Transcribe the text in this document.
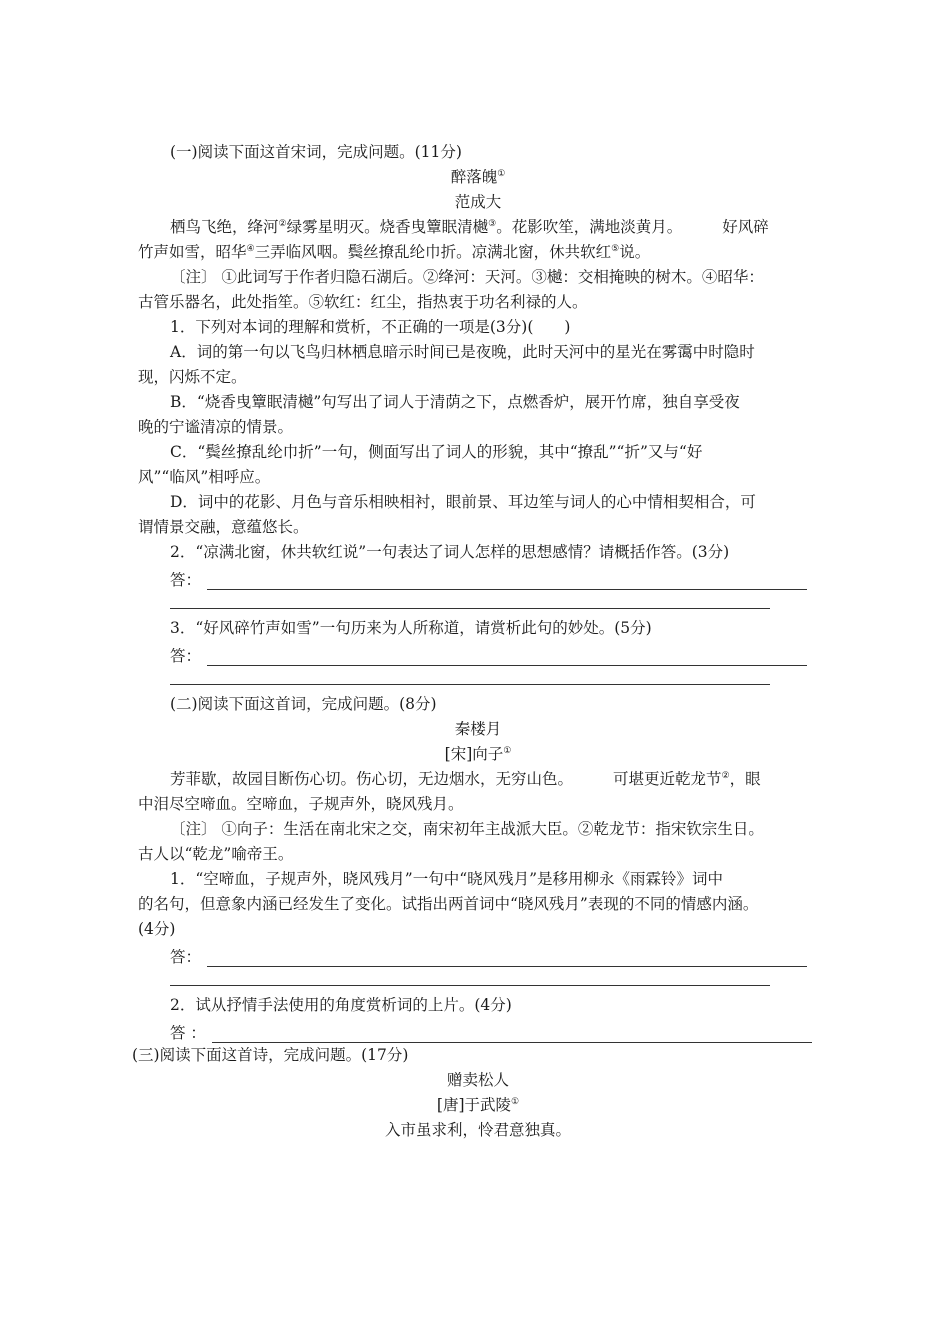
(一)阅读下面这首宋词，完成问题。(11分)

醉落魄①

范成大

栖鸟飞绝，绛河②绿雾星明灭。烧香曳簟眠清樾③。花影吹笙，满地淡黄月。	好风碎

竹声如雪，昭华④三弄临风咽。鬓丝撩乱纶巾折。凉满北窗，休共软红⑤说。

〔注〕 ①此词写于作者归隐石湖后。②绛河：天河。③樾：交相掩映的树木。④昭华：

古管乐器名，此处指笙。⑤软红：红尘，指热衷于功名利禄的人。

1．下列对本词的理解和赏析，不正确的一项是(3分)(　　)

A．词的第一句以飞鸟归林栖息暗示时间已是夜晚，此时天河中的星光在雾霭中时隐时

现，闪烁不定。

B．“烧香曳簟眠清樾”句写出了词人于清荫之下，点燃香炉，展开竹席，独自享受夜

晚的宁谧清凉的情景。

C．“鬓丝撩乱纶巾折”一句，侧面写出了词人的形貌，其中“撩乱”“折”又与“好

风”“临风”相呼应。

D．词中的花影、月色与音乐相映相衬，眼前景、耳边笙与词人的心中情相契相合，可

谓情景交融，意蕴悠长。

2．“凉满北窗，休共软红说”一句表达了词人怎样的思想感情？请概括作答。(3分)

答：

3．“好风碎竹声如雪”一句历来为人所称道，请赏析此句的妙处。(5分)

答：

(二)阅读下面这首词，完成问题。(8分)

秦楼月

[宋]向子①

芳菲歇，故园目断伤心切。伤心切，无边烟水，无穷山色。	可堪更近乾龙节②，眼

中泪尽空啼血。空啼血，子规声外，晓风残月。

〔注〕 ①向子：生活在南北宋之交，南宋初年主战派大臣。②乾龙节：指宋钦宗生日。

古人以“乾龙”喻帝王。

1．“空啼血，子规声外，晓风残月”一句中“晓风残月”是移用柳永《雨霖铃》词中

的名句，但意象内涵已经发生了变化。试指出两首词中“晓风残月”表现的不同的情感内涵。

(4分)

答：

2．试从抒情手法使用的角度赏析词的上片。(4分)

答 ：

(三)阅读下面这首诗，完成问题。(17分)

赠卖松人

[唐]于武陵①

入市虽求利，怜君意独真。
